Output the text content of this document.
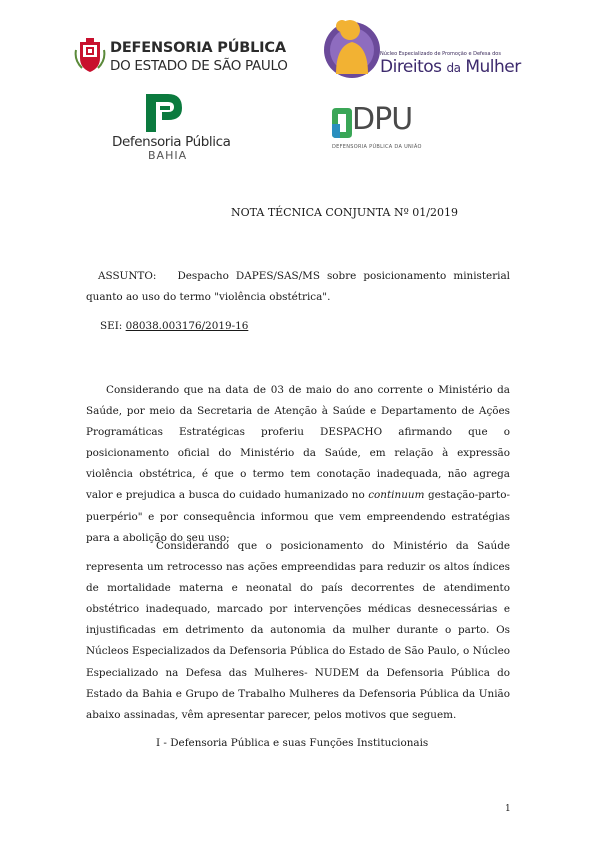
DEFENSORIA PÚBLICA
DO ESTADO DE SÃO PAULO
Núcleo Especializado de Promoção e Defesa dos
Direitos da Mulher
Defensoria Pública
BAHIA
DPU
DEFENSORIA PÚBLICA DA UNIÃO
NOTA TÉCNICA CONJUNTA Nº 01/2019
ASSUNTO: Despacho DAPES/SAS/MS sobre posicionamento ministerial quanto ao uso do termo "violência obstétrica".
SEI: 08038.003176/2019-16
Considerando que na data de 03 de maio do ano corrente o Ministério da Saúde, por meio da Secretaria de Atenção à Saúde e Departamento de Ações Programáticas Estratégicas proferiu DESPACHO afirmando que o posicionamento oficial do Ministério da Saúde, em relação à expressão violência obstétrica, é que o termo tem conotação inadequada, não agrega valor e prejudica a busca do cuidado humanizado no continuum gestação-parto-puerpério" e por consequência informou que vem empreendendo estratégias para a abolição do seu uso;
Considerando que o posicionamento do Ministério da Saúde representa um retrocesso nas ações empreendidas para reduzir os altos índices de mortalidade materna e neonatal do país decorrentes de atendimento obstétrico inadequado, marcado por intervenções médicas desnecessárias e injustificadas em detrimento da autonomia da mulher durante o parto. Os Núcleos Especializados da Defensoria Pública do Estado de São Paulo, o Núcleo Especializado na Defesa das Mulheres- NUDEM da Defensoria Pública do Estado da Bahia e Grupo de Trabalho Mulheres da Defensoria Pública da União abaixo assinadas, vêm apresentar parecer, pelos motivos que seguem.
I - Defensoria Pública e suas Funções Institucionais
1
